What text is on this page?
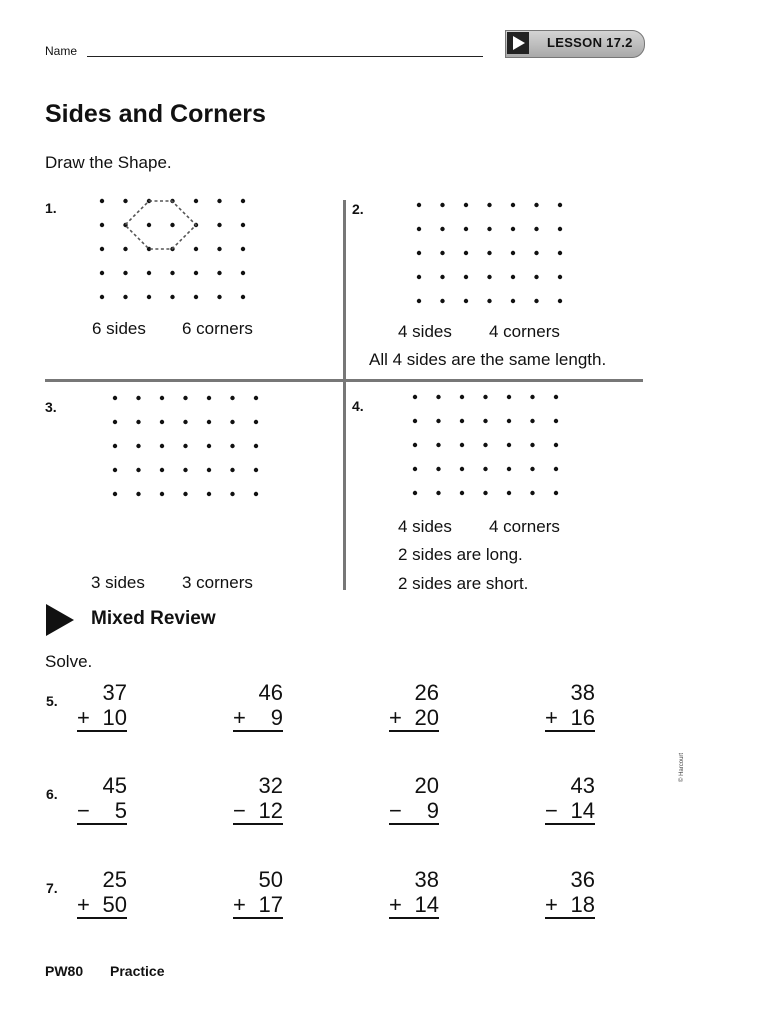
Name
LESSON 17.2
Sides and Corners
Draw the Shape.
1.
6 sides 6 corners
2.
4 sides 4 corners
All 4 sides are the same length.
3.
3 sides 3 corners
4.
4 sides 4 corners
2 sides are long.
2 sides are short.
Mixed Review
Solve.
5.	37
+ 10
46
+ 9
26
+ 20
38
+ 16
6.	45
− 5
32
− 12
20
− 9
43
− 14
7.	25
+ 50
50
+ 17
38
+ 14
36
+ 18
PW80 Practice
© Harcourt
